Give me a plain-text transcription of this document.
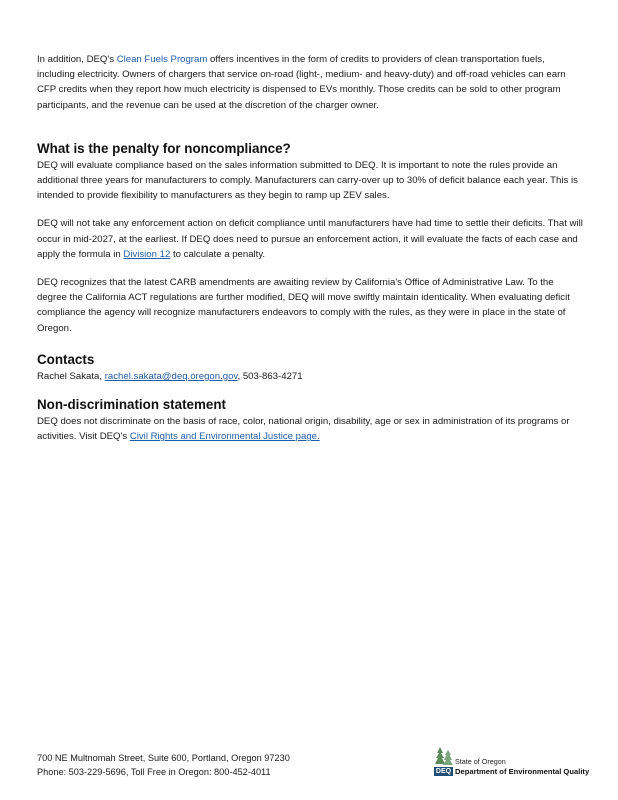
In addition, DEQ's Clean Fuels Program offers incentives in the form of credits to providers of clean transportation fuels, including electricity. Owners of chargers that service on-road (light-, medium- and heavy-duty) and off-road vehicles can earn CFP credits when they report how much electricity is dispensed to EVs monthly. Those credits can be sold to other program participants, and the revenue can be used at the discretion of the charger owner.

What is the penalty for noncompliance?

DEQ will evaluate compliance based on the sales information submitted to DEQ. It is important to note the rules provide an additional three years for manufacturers to comply. Manufacturers can carry-over up to 30% of deficit balance each year. This is intended to provide flexibility to manufacturers as they begin to ramp up ZEV sales.

DEQ will not take any enforcement action on deficit compliance until manufacturers have had time to settle their deficits. That will occur in mid-2027, at the earliest. If DEQ does need to pursue an enforcement action, it will evaluate the facts of each case and apply the formula in Division 12 to calculate a penalty.

DEQ recognizes that the latest CARB amendments are awaiting review by California's Office of Administrative Law. To the degree the California ACT regulations are further modified, DEQ will move swiftly maintain identicality. When evaluating deficit compliance the agency will recognize manufacturers endeavors to comply with the rules, as they were in place in the state of Oregon.

Contacts

Rachel Sakata, rachel.sakata@deq.oregon.gov, 503-863-4271

Non-discrimination statement

DEQ does not discriminate on the basis of race, color, national origin, disability, age or sex in administration of its programs or activities. Visit DEQ's Civil Rights and Environmental Justice page.

700 NE Multnomah Street, Suite 600, Portland, Oregon 97230

Phone: 503-229-5696, Toll Free in Oregon: 800-452-4011

State of Oregon
DEQ Department of Environmental Quality
